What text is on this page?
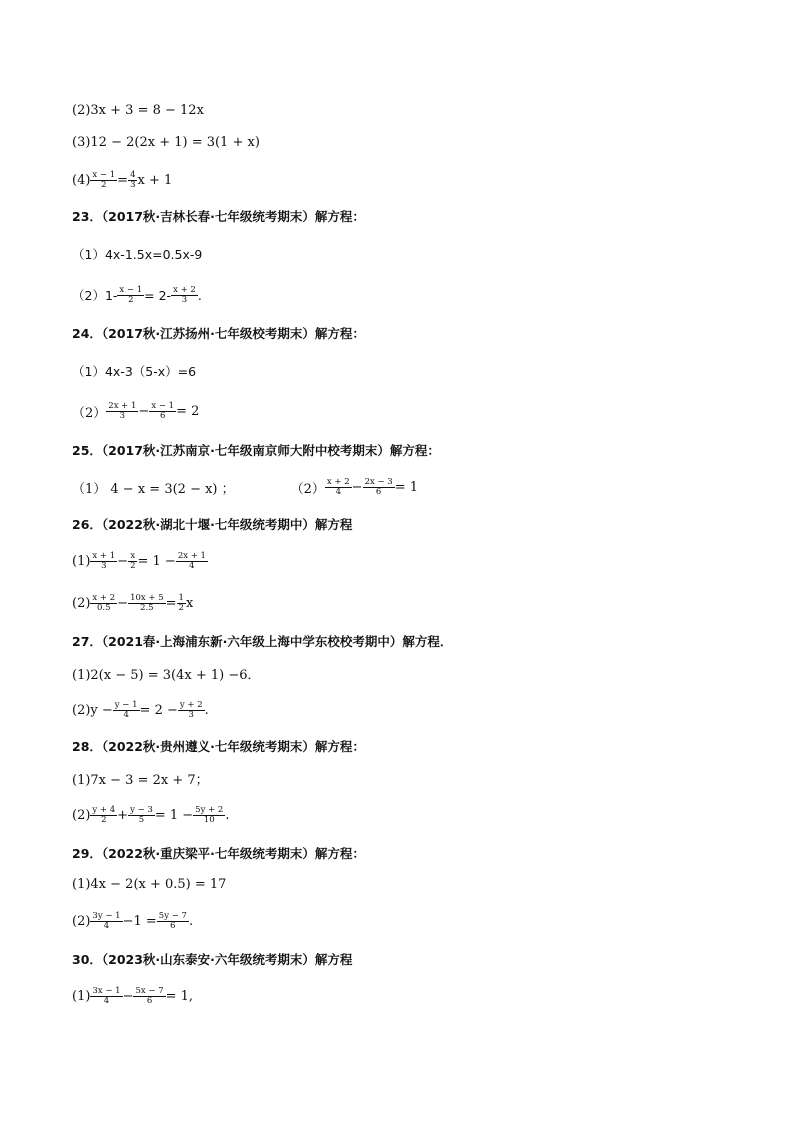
(2)3x + 3 = 8 − 12x
(3)12 − 2(2x + 1) = 3(1 + x)
$(4) \frac{x - 1}{2} = \frac{4}{3}$ x + 1
23．（2017秋·吉林长春·七年级统考期末）解方程：
（1）4x-1.5x=0.5x-9
$(2)1- \frac{x - 1}{2} = 2- \frac{x + 2}{3}$ .
24．（2017秋·江苏扬州·七年级校考期末）解方程：
（1）4x-3（5-x）=6
$(2) \frac{2x + 1}{3} - \frac{x - 1}{6} = 2$
25．（2017秋·江苏南京·七年级南京师大附中校考期末）解方程：
（1） 4 − x = 3(2 − x) ；	$(2) \frac{x + 2}{4} - \frac{2x - 3}{6} = 1$
26．（2022秋·湖北十堰·七年级统考期中）解方程
$(1) \frac{x + 1}{3} - \frac{x}{2} = 1 - \frac{2x + 1}{4}$
$(2) \frac{x + 2}{0.5} - \frac{10x + 5}{2.5} = \frac{1}{2}$ x
27．（2021春·上海浦东新·六年级上海中学东校校考期中）解方程．
(1)2(x − 5) = 3(4x + 1) −6．
$(2)y - \frac{y - 1}{4} = 2 - \frac{y + 2}{3}$ .
28．（2022秋·贵州遵义·七年级统考期末）解方程：
(1)7x − 3 = 2x + 7；
$(2) \frac{y + 4}{2} + \frac{y - 3}{5} = 1 - \frac{5y + 2}{10}$ .
29．（2022秋·重庆梁平·七年级统考期末）解方程：
(1)4x − 2(x + 0.5) = 17
$(2) \frac{3y - 1}{4} -1 = \frac{5y - 7}{6}$ .
30．（2023秋·山东泰安·六年级统考期末）解方程
$(1) \frac{3x - 1}{4} - \frac{5x - 7}{6} = 1$,
